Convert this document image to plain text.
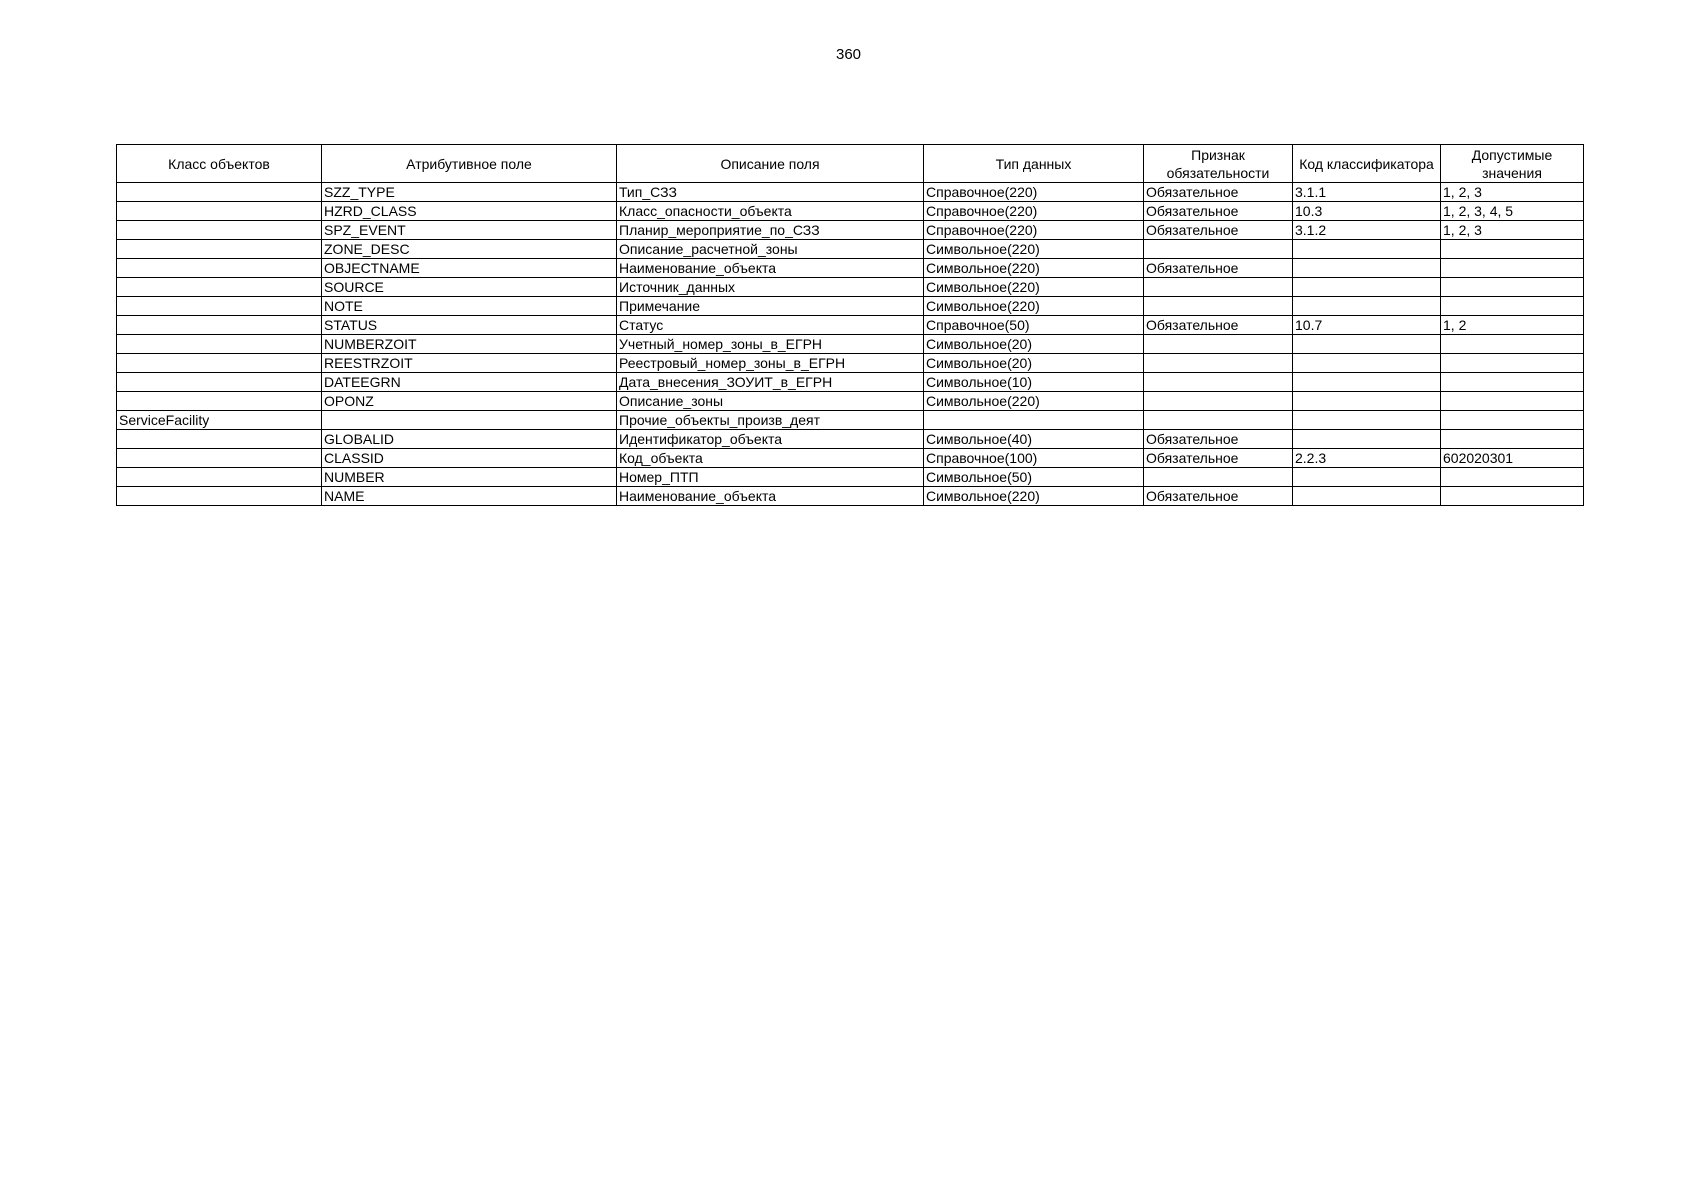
360
Класс объектов	Атрибутивное поле	Описание поля	Тип данных	Признак обязательности	Код классификатора	Допустимые значения
	SZZ_TYPE	Тип_СЗЗ	Справочное(220)	Обязательное	3.1.1	1, 2, 3
	HZRD_CLASS	Класс_опасности_объекта	Справочное(220)	Обязательное	10.3	1, 2, 3, 4, 5
	SPZ_EVENT	Планир_мероприятие_по_СЗЗ	Справочное(220)	Обязательное	3.1.2	1, 2, 3
	ZONE_DESC	Описание_расчетной_зоны	Символьное(220)			
	OBJECTNAME	Наименование_объекта	Символьное(220)	Обязательное		
	SOURCE	Источник_данных	Символьное(220)			
	NOTE	Примечание	Символьное(220)			
	STATUS	Статус	Справочное(50)	Обязательное	10.7	1, 2
	NUMBERZOIT	Учетный_номер_зоны_в_ЕГРН	Символьное(20)			
	REESTRZOIT	Реестровый_номер_зоны_в_ЕГРН	Символьное(20)			
	DATEEGRN	Дата_внесения_ЗОУИТ_в_ЕГРН	Символьное(10)			
	OPONZ	Описание_зоны	Символьное(220)			
ServiceFacility		Прочие_объекты_произв_деят				
	GLOBALID	Идентификатор_объекта	Символьное(40)	Обязательное		
	CLASSID	Код_объекта	Справочное(100)	Обязательное	2.2.3	602020301
	NUMBER	Номер_ПТП	Символьное(50)			
	NAME	Наименование_объекта	Символьное(220)	Обязательное		
